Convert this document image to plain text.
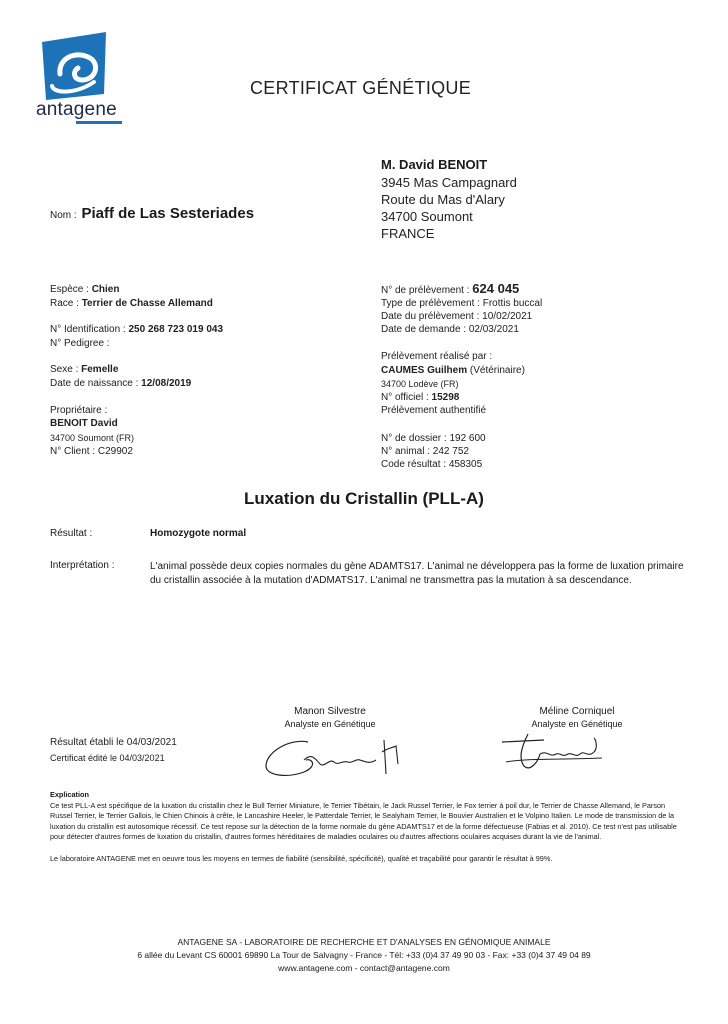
antagene
CERTIFICAT GÉNÉTIQUE
M. David BENOIT
3945 Mas Campagnard
Route du Mas d'Alary
34700 Soumont
FRANCE
Nom : Piaff de Las Sesteriades
Espèce : Chien
Race : Terrier de Chasse Allemand
N° Identification : 250 268 723 019 043
N° Pedigree :
Sexe : Femelle
Date de naissance : 12/08/2019
Propriétaire :
BENOIT David
34700 Soumont (FR)
N° Client : C29902
N° de prélèvement : 624 045
Type de prélèvement : Frottis buccal
Date du prélèvement : 10/02/2021
Date de demande : 02/03/2021
Prélèvement réalisé par :
CAUMES Guilhem (Vétérinaire)
34700 Lodève (FR)
N° officiel : 15298
Prélèvement authentifié
N° de dossier : 192 600
N° animal : 242 752
Code résultat : 458305
Luxation du Cristallin (PLL-A)
Résultat :	Homozygote normal
Interprétation :	L'animal possède deux copies normales du gène ADAMTS17. L'animal ne développera pas la forme de luxation primaire du cristallin associée à la mutation d'ADMATS17. L'animal ne transmettra pas la mutation à sa descendance.
Manon Silvestre
Analyste en Génétique
Méline Corniquel
Analyste en Génétique
Résultat établi le 04/03/2021
Certificat édité le 04/03/2021
Explication
Ce test PLL-A est spécifique de la luxation du cristallin chez le Bull Terrier Miniature, le Terrier Tibétain, le Jack Russel Terrier, le Fox terrier à poil dur, le Terrier de Chasse Allemand, le Parson Russel Terrier, le Terrier Gallois, le Chien Chinois à crête, le Lancashire Heeler, le Patterdale Terrier, le Sealyham Terrier, le Bouvier Australien et le Volpino Italien. Le mode de transmission de la luxation du cristallin est autosomique récessif. Ce test repose sur la détection de la forme normale du gène ADAMTS17 et de la forme défectueuse (Fabias et al. 2010). Ce test n'est pas utilisable pour détecter d'autres formes de luxation du cristallin, d'autres formes héréditaires de maladies oculaires ou d'autres affections oculaires acquises durant la vie de l'animal.
Le laboratoire ANTAGENE met en oeuvre tous les moyens en termes de fiabilité (sensibilité, spécificité), qualité et traçabilité pour garantir le résultat à 99%.
ANTAGENE SA - LABORATOIRE DE RECHERCHE ET D'ANALYSES EN GÉNOMIQUE ANIMALE
6 allée du Levant CS 60001 69890 La Tour de Salvagny - France - Tél: +33 (0)4 37 49 90 03 - Fax: +33 (0)4 37 49 04 89
www.antagene.com - contact@antagene.com
